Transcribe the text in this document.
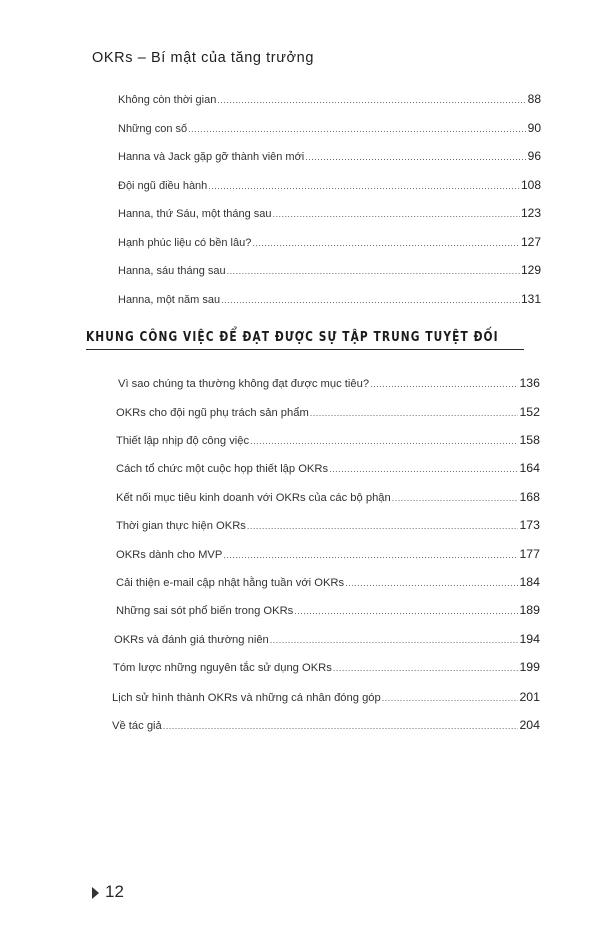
OKRs – Bí mật của tăng trưởng
Không còn thời gian .....	88
Những con số .....	90
Hanna và Jack gặp gỡ thành viên mới .....	96
Đội ngũ điều hành .....	108
Hanna, thứ Sáu, một tháng sau .....	123
Hạnh phúc liệu có bền lâu? .....	127
Hanna, sáu tháng sau .....	129
Hanna, một năm sau .....	131
KHUNG CÔNG VIỆC ĐỂ ĐẠT ĐƯỢC SỰ TẬP TRUNG TUYỆT ĐỐI
Vì sao chúng ta thường không đạt được mục tiêu? .....	136
OKRs cho đội ngũ phụ trách sản phẩm .....	152
Thiết lập nhịp độ công việc .....	158
Cách tổ chức một cuộc họp thiết lập OKRs .....	164
Kết nối mục tiêu kinh doanh với OKRs của các bộ phận .....	168
Thời gian thực hiện OKRs .....	173
OKRs dành cho MVP .....	177
Cải thiện e-mail cập nhật hằng tuần với OKRs .....	184
Những sai sót phổ biến trong OKRs .....	189
OKRs và đánh giá thường niên .....	194
Tóm lược những nguyên tắc sử dụng OKRs .....	199
Lịch sử hình thành OKRs và những cá nhân đóng góp .....	201
Về tác giả .....	204
12
